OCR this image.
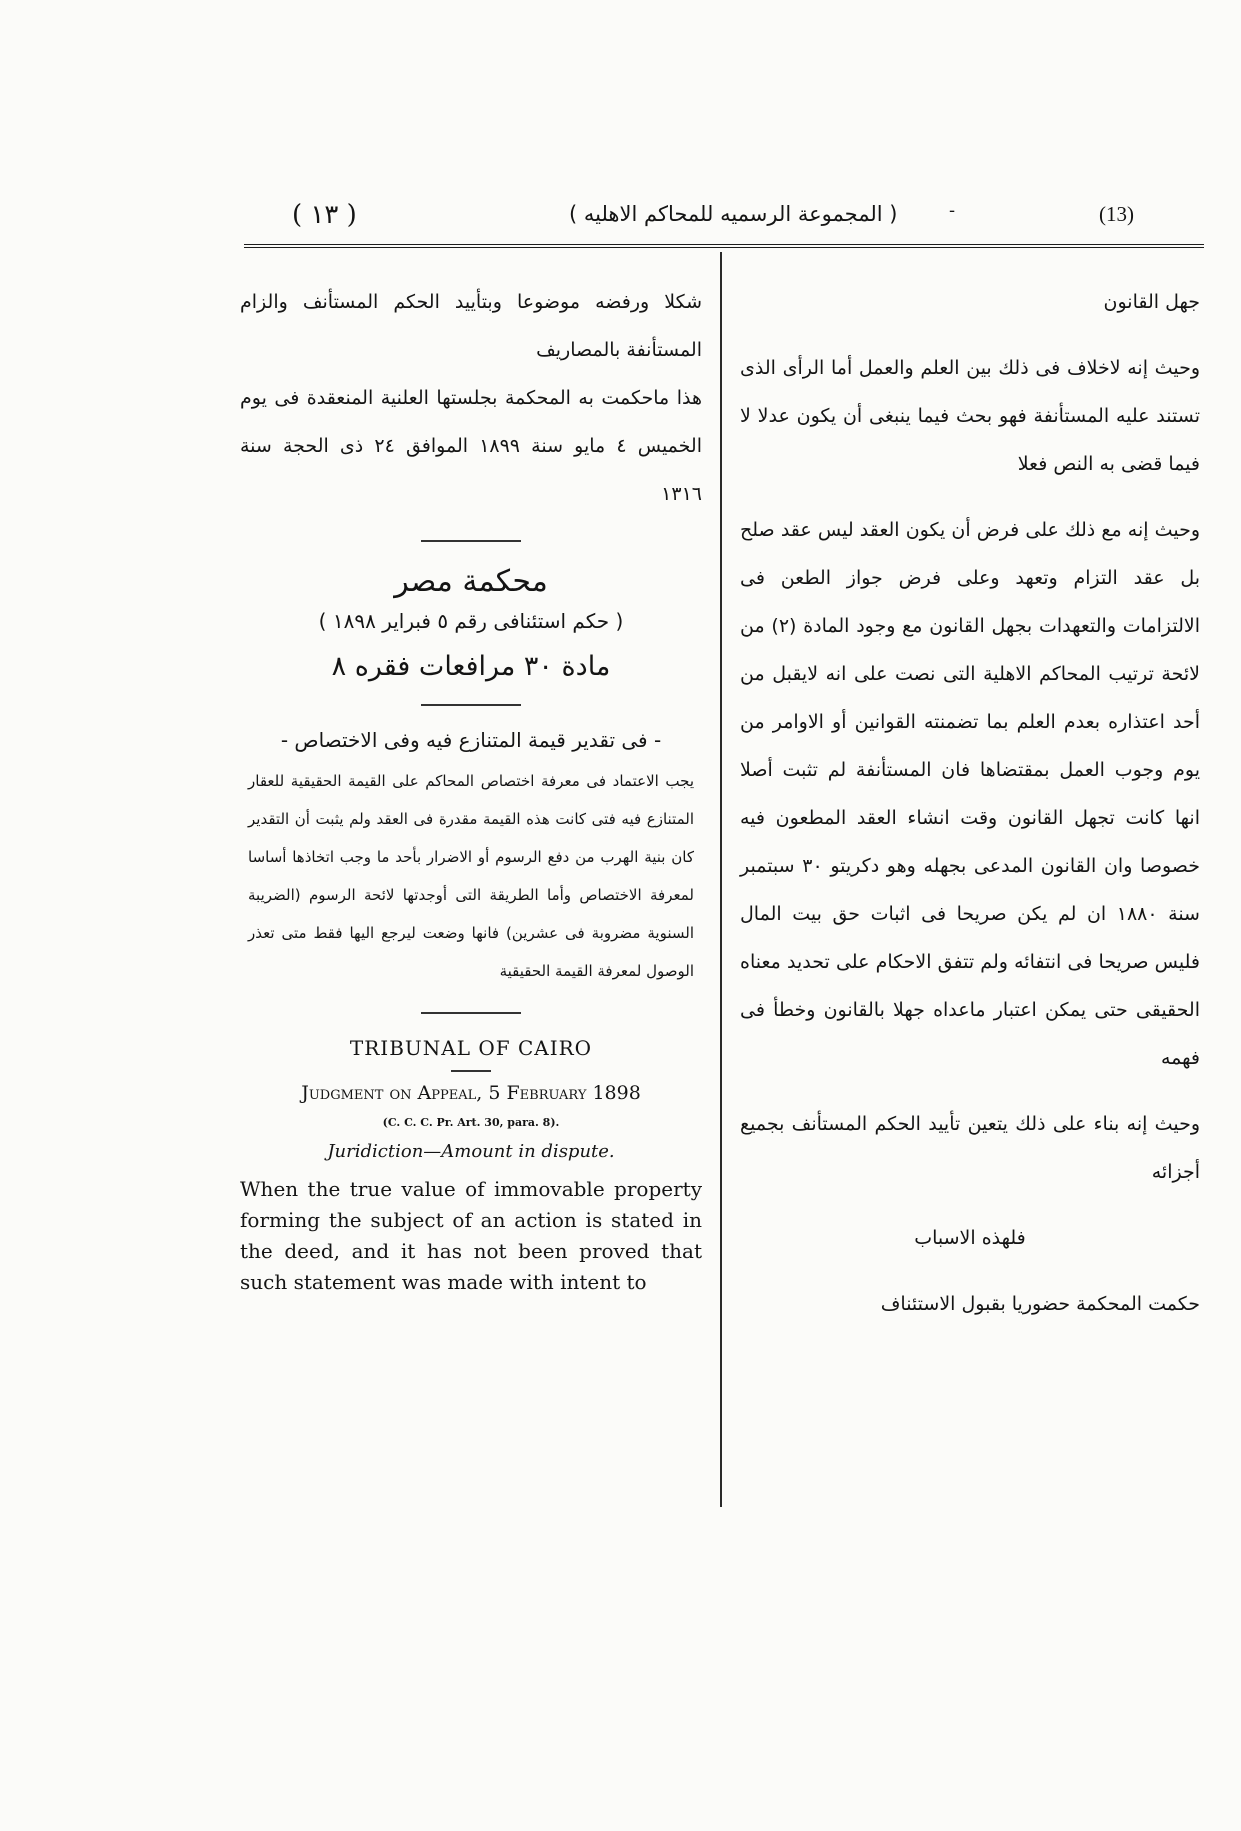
( ١٣ )	( المجموعة الرسميه للمحاكم الاهليه )	-	(13)

جهل القانون

وحيث إنه لاخلاف فى ذلك بين العلم والعمل أما الرأى الذى تستند عليه المستأنفة فهو بحث فيما ينبغى أن يكون عدلا لا فيما قضى به النص فعلا

وحيث إنه مع ذلك على فرض أن يكون العقد ليس عقد صلح بل عقد التزام وتعهد وعلى فرض جواز الطعن فى الالتزامات والتعهدات بجهل القانون مع وجود المادة (٢) من لائحة ترتيب المحاكم الاهلية التى نصت على انه لايقبل من أحد اعتذاره بعدم العلم بما تضمنته القوانين أو الاوامر من يوم وجوب العمل بمقتضاها فان المستأنفة لم تثبت أصلا انها كانت تجهل القانون وقت انشاء العقد المطعون فيه خصوصا وان القانون المدعى بجهله وهو دكريتو ٣٠ سبتمبر سنة ١٨٨٠ ان لم يكن صريحا فى اثبات حق بيت المال فليس صريحا فى انتفائه ولم تتفق الاحكام على تحديد معناه الحقيقى حتى يمكن اعتبار ماعداه جهلا بالقانون وخطأ فى فهمه

وحيث إنه بناء على ذلك يتعين تأييد الحكم المستأنف بجميع أجزائه

فلهذه الاسباب

حكمت المحكمة حضوريا بقبول الاستئناف

شكلا ورفضه موضوعا وبتأييد الحكم المستأنف والزام المستأنفة بالمصاريف

هذا ماحكمت به المحكمة بجلستها العلنية المنعقدة فى يوم الخميس ٤ مايو سنة ١٨٩٩ الموافق ٢٤ ذى الحجة سنة ١٣١٦

محكمة مصر
( حكم استئنافى رقم ٥ فبراير ١٨٩٨ )
مادة ٣٠ مرافعات فقره ٨
- فى تقدير قيمة المتنازع فيه وفى الاختصاص -
يجب الاعتماد فى معرفة اختصاص المحاكم على القيمة الحقيقية للعقار المتنازع فيه فتى كانت هذه القيمة مقدرة فى العقد ولم يثبت أن التقدير كان بنية الهرب من دفع الرسوم أو الاضرار بأحد ما وجب اتخاذها أساسا لمعرفة الاختصاص وأما الطريقة التى أوجدتها لائحة الرسوم (الضريبة السنوية مضروبة فى عشرين) فانها وضعت ليرجع اليها فقط متى تعذر الوصول لمعرفة القيمة الحقيقية
TRIBUNAL OF CAIRO
Judgment on Appeal, 5 February 1898
(C. C. C. Pr. Art. 30, para. 8).
Juridiction—Amount in dispute.
When the true value of immovable property forming the subject of an action is stated in the deed, and it has not been proved that such statement was made with intent to
